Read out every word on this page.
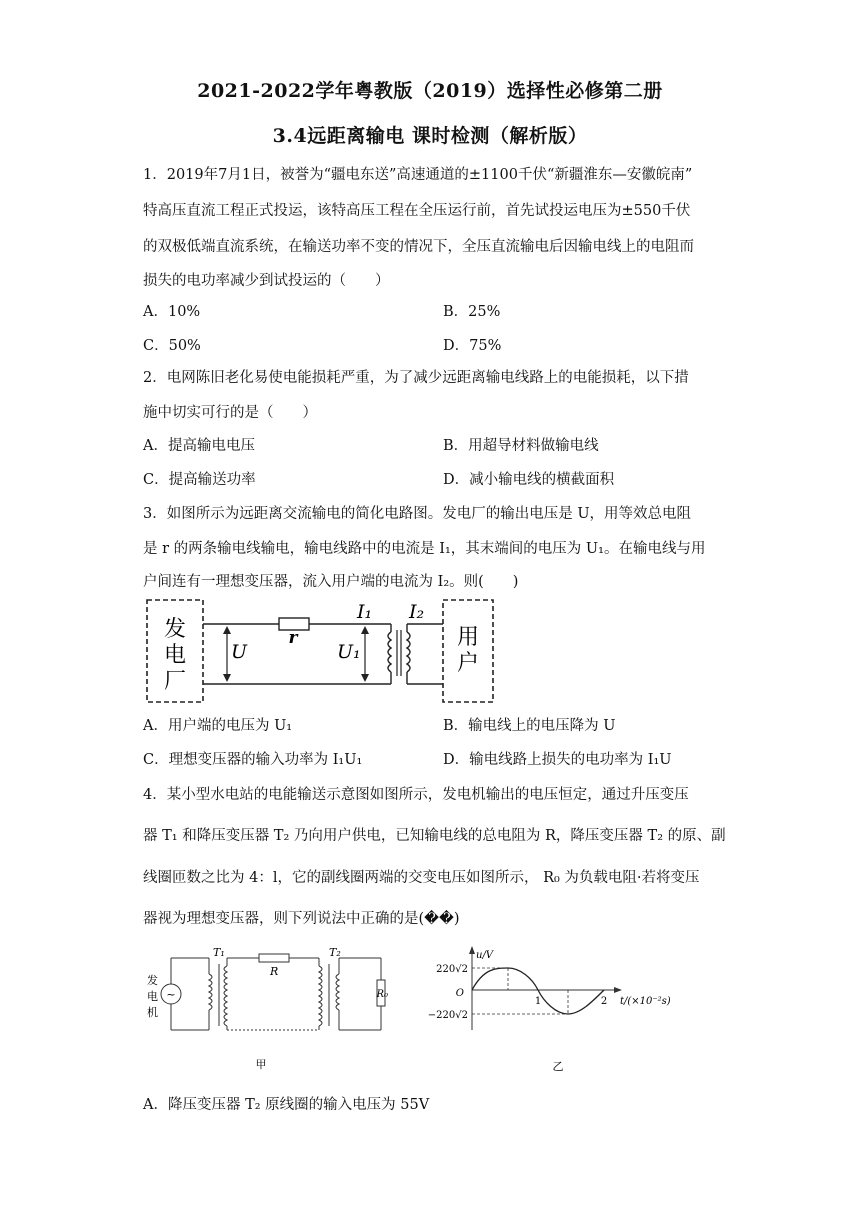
2021-2022学年粤教版（2019）选择性必修第二册
3.4远距离输电 课时检测（解析版）
1．2019年7月1日，被誉为“疆电东送”高速通道的±1100千伏“新疆淮东—安徽皖南”
特高压直流工程正式投运，该特高压工程在全压运行前，首先试投运电压为±550千伏
的双极低端直流系统，在输送功率不变的情况下，全压直流输电后因输电线上的电阻而
损失的电功率减少到试投运的（　　）
A．10%	B．25%
C．50%	D．75%
2．电网陈旧老化易使电能损耗严重，为了减少远距离输电线路上的电能损耗，以下措
施中切实可行的是（　　）
A．提高输电电压	B．用超导材料做输电线
C．提高输送功率	D．减小输电线的横截面积
3．如图所示为远距离交流输电的简化电路图。发电厂的输出电压是 U，用等效总电阻
是 r 的两条输电线输电，输电线路中的电流是 I₁，其末端间的电压为 U₁。在输电线与用
户间连有一理想变压器，流入用户端的电流为 I₂。则(　　)
发
电
厂
r
U	U₁
I₁ I₂
用
户
A．用户端的电压为 U₁	B．输电线上的电压降为 U
C．理想变压器的输入功率为 I₁U₁	D．输电线路上损失的电功率为 I₁U
4．某小型水电站的电能输送示意图如图所示，发电机输出的电压恒定，通过升压变压
器 T₁ 和降压变压器 T₂ 乃向用户供电，已知输电线的总电阻为 R，降压变压器 T₂ 的原、副
线圈匝数之比为 4：l，它的副线圈两端的交变电压如图所示， R₀ 为负载电阻·若将变压
器视为理想变压器，则下列说法中正确的是(��)
发
电
机
~
T₁
R
T₂
R₀
甲
u/V
t/(×10⁻²s)
O
220√2
−220√2
1	2
乙
A．降压变压器 T₂ 原线圈的输入电压为 55V
